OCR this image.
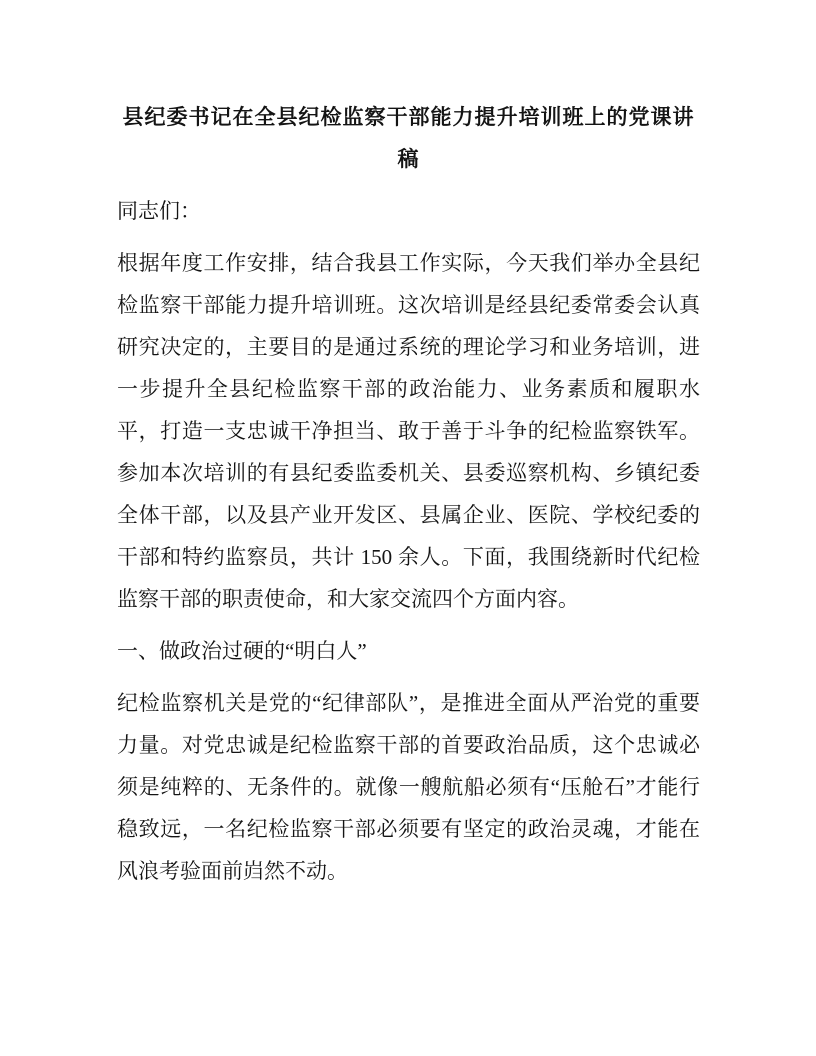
县纪委书记在全县纪检监察干部能力提升培训班上的党课讲稿

同志们：

根据年度工作安排，结合我县工作实际，今天我们举办全县纪检监察干部能力提升培训班。这次培训是经县纪委常委会认真研究决定的，主要目的是通过系统的理论学习和业务培训，进一步提升全县纪检监察干部的政治能力、业务素质和履职水平，打造一支忠诚干净担当、敢于善于斗争的纪检监察铁军。参加本次培训的有县纪委监委机关、县委巡察机构、乡镇纪委全体干部，以及县产业开发区、县属企业、医院、学校纪委的干部和特约监察员，共计 150 余人。下面，我围绕新时代纪检监察干部的职责使命，和大家交流四个方面内容。

一、做政治过硬的“明白人”

纪检监察机关是党的“纪律部队”，是推进全面从严治党的重要力量。对党忠诚是纪检监察干部的首要政治品质，这个忠诚必须是纯粹的、无条件的。就像一艘航船必须有“压舱石”才能行稳致远，一名纪检监察干部必须要有坚定的政治灵魂，才能在风浪考验面前岿然不动。
